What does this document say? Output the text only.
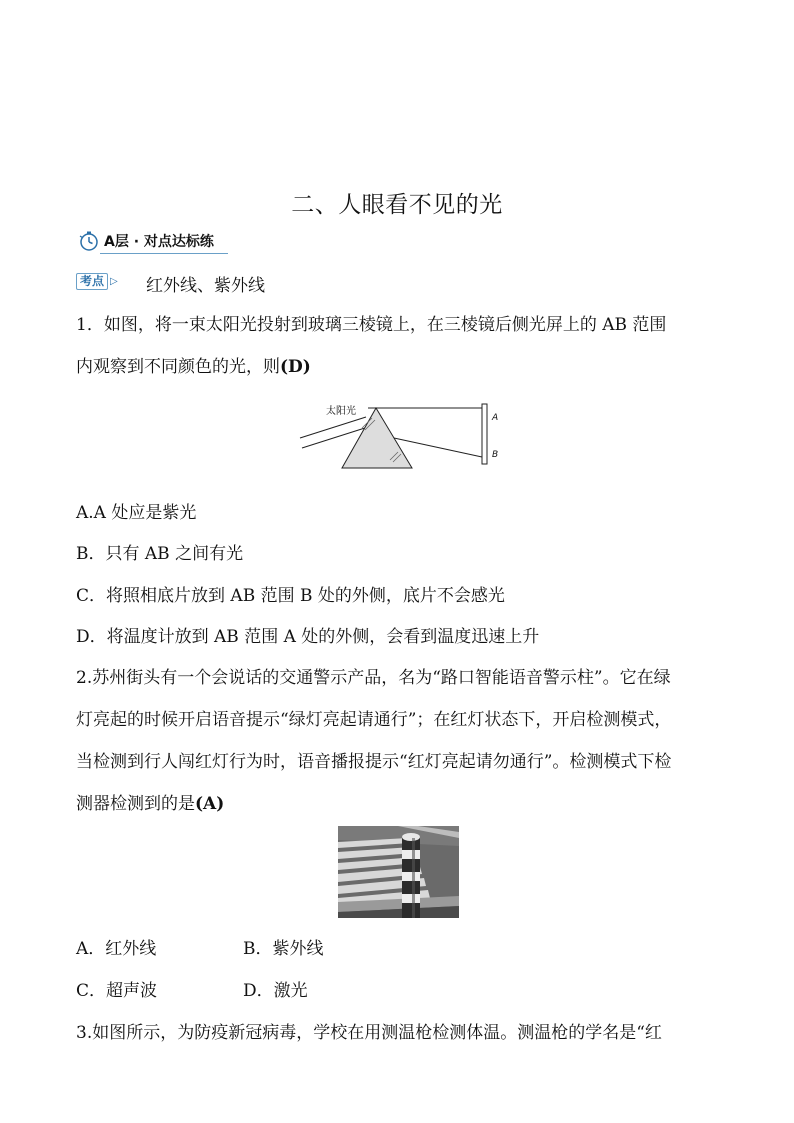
二、人眼看不见的光
A层 · 对点达标练
考点 ▷ 红外线、紫外线
1．如图，将一束太阳光投射到玻璃三棱镜上，在三棱镜后侧光屏上的 AB 范围
内观察到不同颜色的光，则(D)
太阳光
A
B
A.A 处应是紫光
B．只有 AB 之间有光
C．将照相底片放到 AB 范围 B 处的外侧，底片不会感光
D．将温度计放到 AB 范围 A 处的外侧，会看到温度迅速上升
2.苏州街头有一个会说话的交通警示产品，名为“路口智能语音警示柱”。它在绿
灯亮起的时候开启语音提示“绿灯亮起请通行”；在红灯状态下，开启检测模式，
当检测到行人闯红灯行为时，语音播报提示“红灯亮起请勿通行”。检测模式下检
测器检测到的是(A)
A．红外线	B．紫外线
C．超声波	D．激光
3.如图所示，为防疫新冠病毒，学校在用测温枪检测体温。测温枪的学名是“红
